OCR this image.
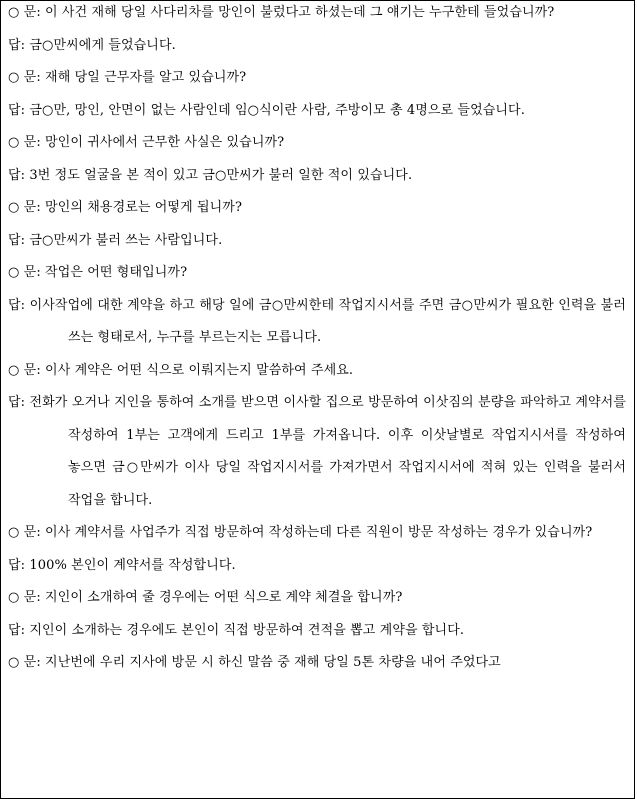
○ 문: 이 사건 재해 당일 사다리차를 망인이 불렀다고 하셨는데 그 얘기는 누구한테 들었습니까?

답: 금○만씨에게 들었습니다.

○ 문: 재해 당일 근무자를 알고 있습니까?

답: 금○만, 망인, 안면이 없는 사람인데 임○식이란 사람, 주방이모 총 4명으로 들었습니다.

○ 문: 망인이 귀사에서 근무한 사실은 있습니까?

답: 3번 정도 얼굴을 본 적이 있고 금○만씨가 불러 일한 적이 있습니다.

○ 문: 망인의 채용경로는 어떻게 됩니까?

답: 금○만씨가 불러 쓰는 사람입니다.

○ 문: 작업은 어떤 형태입니까?

답: 이사작업에 대한 계약을 하고 해당 일에 금○만씨한테 작업지시서를 주면 금○만씨가 필요한 인력을 불러 쓰는 형태로서, 누구를 부르는지는 모릅니다.

○ 문: 이사 계약은 어떤 식으로 이뤄지는지 말씀하여 주세요.

답: 전화가 오거나 지인을 통하여 소개를 받으면 이사할 집으로 방문하여 이삿짐의 분량을 파악하고 계약서를 작성하여 1부는 고객에게 드리고 1부를 가져옵니다. 이후 이삿날별로 작업지시서를 작성하여 놓으면 금○만씨가 이사 당일 작업지시서를 가져가면서 작업지시서에 적혀 있는 인력을 불러서 작업을 합니다.

○ 문: 이사 계약서를 사업주가 직접 방문하여 작성하는데 다른 직원이 방문 작성하는 경우가 있습니까?

답: 100% 본인이 계약서를 작성합니다.

○ 문: 지인이 소개하여 줄 경우에는 어떤 식으로 계약 체결을 합니까?

답: 지인이 소개하는 경우에도 본인이 직접 방문하여 견적을 뽑고 계약을 합니다.

○ 문: 지난번에 우리 지사에 방문 시 하신 말씀 중 재해 당일 5톤 차량을 내어 주었다고
